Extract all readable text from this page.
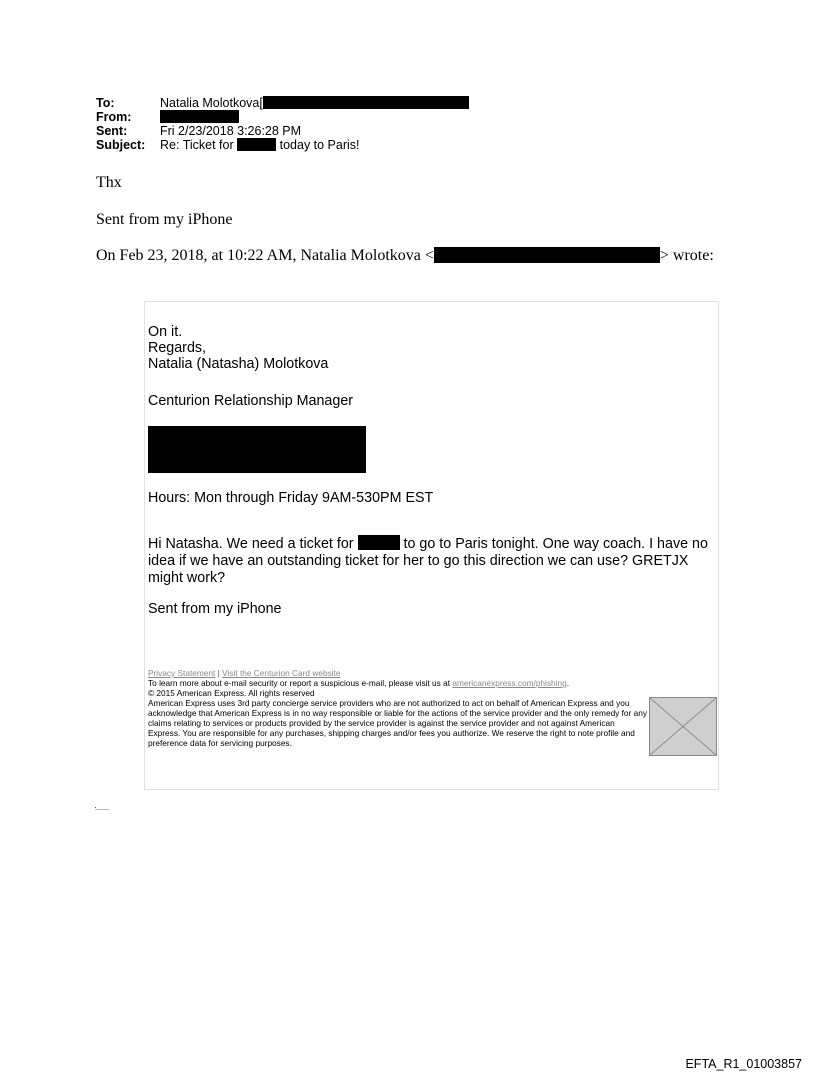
To:	Natalia Molotkova[
From:
Sent:	Fri 2/23/2018 3:26:28 PM
Subject: Re: Ticket for	today to Paris!
Thx
Sent from my iPhone
On Feb 23, 2018, at 10:22 AM, Natalia Molotkova <	> wrote:

On it.

Regards,

Natalia (Natasha) Molotkova

Centurion Relationship Manager

Hours: Mon through Friday 9AM-530PM EST

Hi Natasha. We need a ticket for	to go to Paris tonight. One way coach. I have no idea if we have an outstanding ticket for her to go this direction we can use? GRETJX might work?

Sent from my iPhone

Privacy Statement | Visit the Centurion Card website
To learn more about e-mail security or report a suspicious e-mail, please visit us at americanexpress.com/phishing.
© 2015 American Express. All rights reserved
American Express uses 3rd party concierge service providers who are not authorized to act on behalf of American Express and you acknowledge that American Express is in no way responsible or liable for the actions of the service provider and the only remedy for any claims relating to services or products provided by the service provider is against the service provider and not against American Express. You are responsible for any purchases, shipping charges and/or fees you authorize. We reserve the right to note profile and preference data for servicing purposes.
EFTA_R1_01003857
